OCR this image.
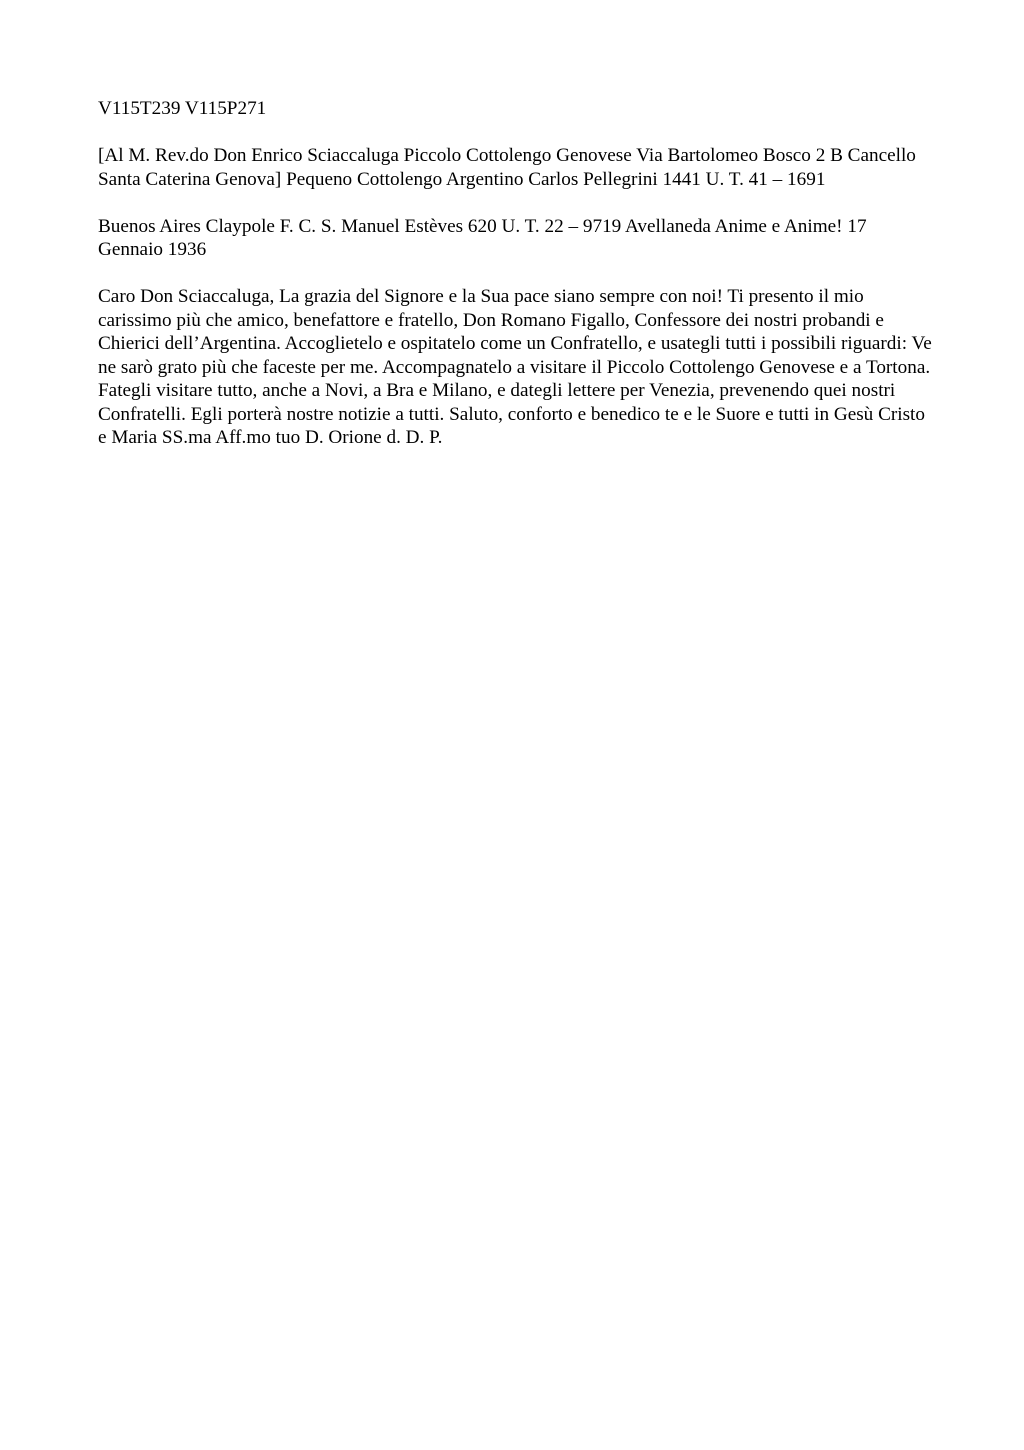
V115T239 V115P271

[Al M. Rev.do Don Enrico Sciaccaluga Piccolo Cottolengo Genovese Via Bartolomeo Bosco 2 B Cancello Santa Caterina Genova] Pequeno Cottolengo Argentino Carlos Pellegrini 1441 U. T. 41 – 1691

Buenos Aires Claypole F. C. S. Manuel Estèves 620 U. T. 22 – 9719 Avellaneda Anime e Anime! 17 Gennaio 1936

Caro Don Sciaccaluga, La grazia del Signore e la Sua pace siano sempre con noi! Ti presento il mio carissimo più che amico, benefattore e fratello, Don Romano Figallo, Confessore dei nostri probandi e Chierici dell’Argentina. Accoglietelo e ospitatelo come un Confratello, e usategli tutti i possibili riguardi: Ve ne sarò grato più che faceste per me. Accompagnatelo a visitare il Piccolo Cottolengo Genovese e a Tortona. Fategli visitare tutto, anche a Novi, a Bra e Milano, e dategli lettere per Venezia, prevenendo quei nostri Confratelli. Egli porterà nostre notizie a tutti. Saluto, conforto e benedico te e le Suore e tutti in Gesù Cristo e Maria SS.ma Aff.mo tuo D. Orione d. D. P.
